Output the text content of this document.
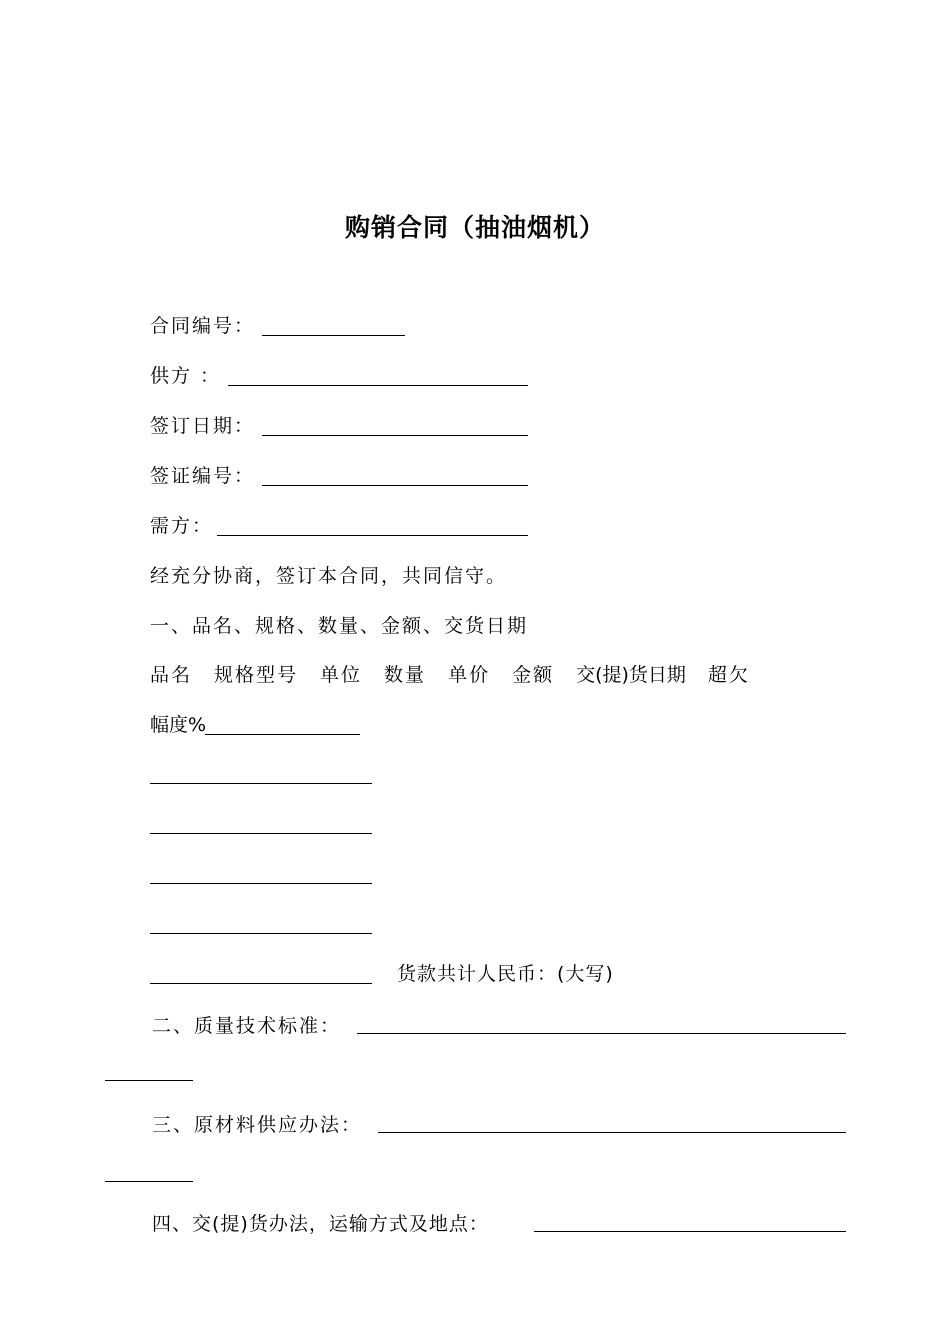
购销合同（抽油烟机）
合同编号：
供方 ：
签订日期：
签证编号：
需方：
经充分协商，签订本合同，共同信守。
一、品名、规格、数量、金额、交货日期
品名 规格型号 单位 数量 单价 金额 交(提)货日期 超欠
幅度%
货款共计人民币：(大写)
二、质量技术标准：
三、原材料供应办法：
四、交(提)货办法，运输方式及地点：
